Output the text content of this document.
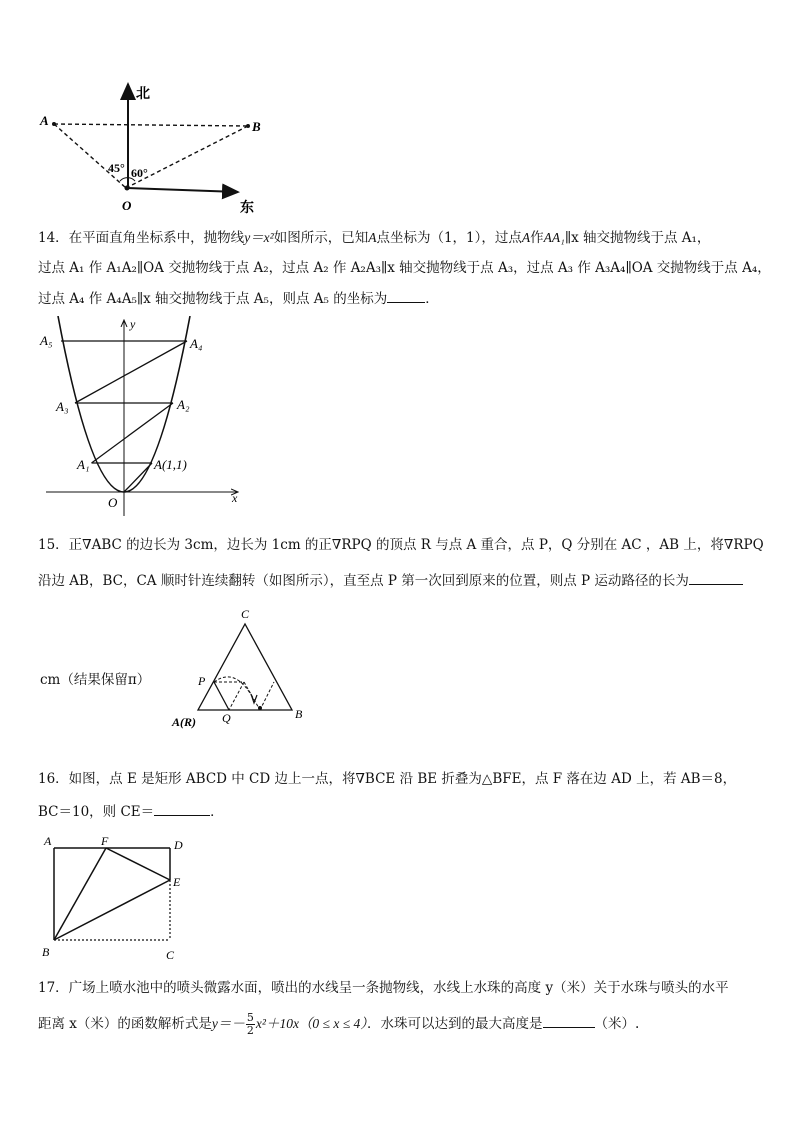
北
东
A	B
O
45° 60°
14．在平面直角坐标系中，抛物线y＝x²如图所示，已知A点坐标为（1，1），过点A作AA₁∥x 轴交抛物线于点 A₁，
过点 A₁ 作 A₁A₂∥OA 交抛物线于点 A₂，过点 A₂ 作 A₂A₃∥x 轴交抛物线于点 A₃，过点 A₃ 作 A₃A₄∥OA 交抛物线于点 A₄，
过点 A₄ 作 A₄A₅∥x 轴交抛物线于点 A₅，则点 A₅ 的坐标为	．
y
x
O
A₅	A₄
A₃	A₂
A₁	A(1,1)
15．正∇ABC 的边长为 3cm，边长为 1cm 的正∇RPQ 的顶点 R 与点 A 重合，点 P，Q 分别在 AC ，AB 上，将∇RPQ
沿边 AB，BC，CA 顺时针连续翻转（如图所示），直至点 P 第一次回到原来的位置，则点 P 运动路径的长为
cm（结果保留π）
C
P
Q	B
A(R)
16．如图，点 E 是矩形 ABCD 中 CD 边上一点，将∇BCE 沿 BE 折叠为△BFE，点 F 落在边 AD 上，若 AB＝8，
BC＝10，则 CE＝	．
A	F	D
E
B	C
17．广场上喷水池中的喷头微露水面，喷出的水线呈一条抛物线，水线上水珠的高度 y（米）关于水珠与喷头的水平
距离 x（米）的函数解析式是$y=- \frac{5}{2} x^2+10x(0 \le x \le 4)$．水珠可以达到的最大高度是	（米）.
